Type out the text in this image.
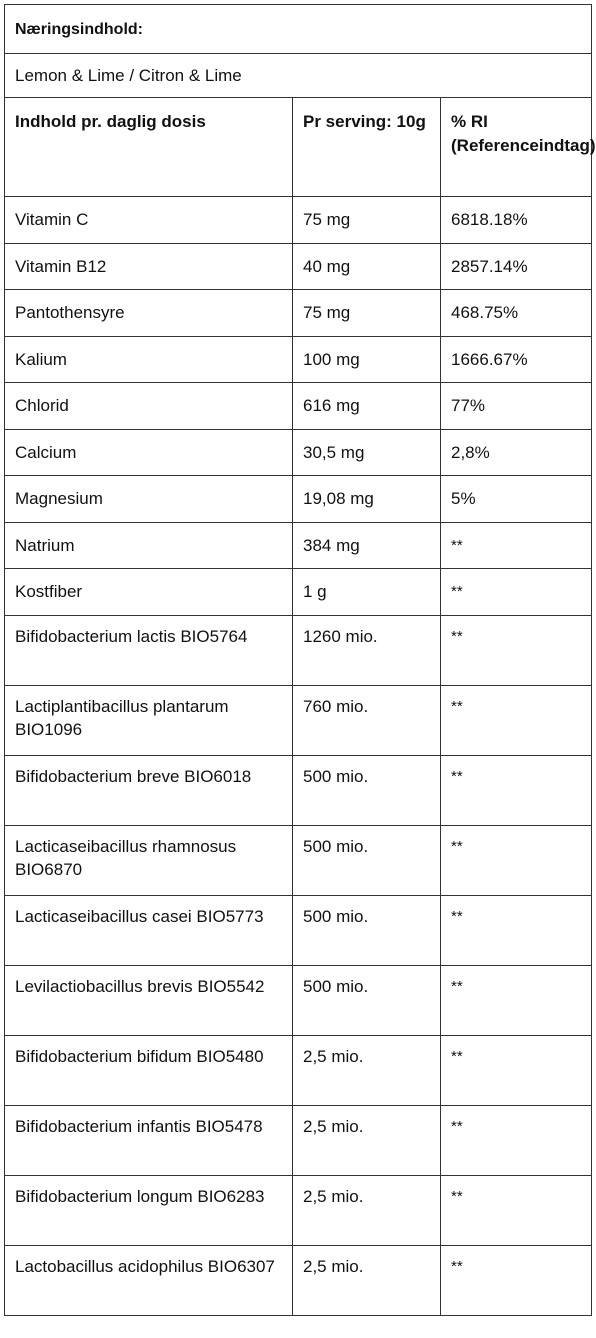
Næringsindhold:		
Lemon & Lime / Citron & Lime		
Indhold pr. daglig dosis	Pr serving: 10g	% RI (Referenceindtag)
Vitamin C	75 mg	6818.18%
Vitamin B12	40 mg	2857.14%
Pantothensyre	75 mg	468.75%
Kalium	100 mg	1666.67%
Chlorid	616 mg	77%
Calcium	30,5 mg	2,8%
Magnesium	19,08 mg	5%
Natrium	384 mg	**
Kostfiber	1 g	**
Bifidobacterium lactis BIO5764	1260 mio.	**
Lactiplantibacillus plantarum BIO1096	760 mio.	**
Bifidobacterium breve BIO6018	500 mio.	**
Lacticaseibacillus rhamnosus BIO6870	500 mio.	**
Lacticaseibacillus casei BIO5773	500 mio.	**
Levilactiobacillus brevis BIO5542	500 mio.	**
Bifidobacterium bifidum BIO5480	2,5 mio.	**
Bifidobacterium infantis BIO5478	2,5 mio.	**
Bifidobacterium longum BIO6283	2,5 mio.	**
Lactobacillus acidophilus BIO6307	2,5 mio.	**
